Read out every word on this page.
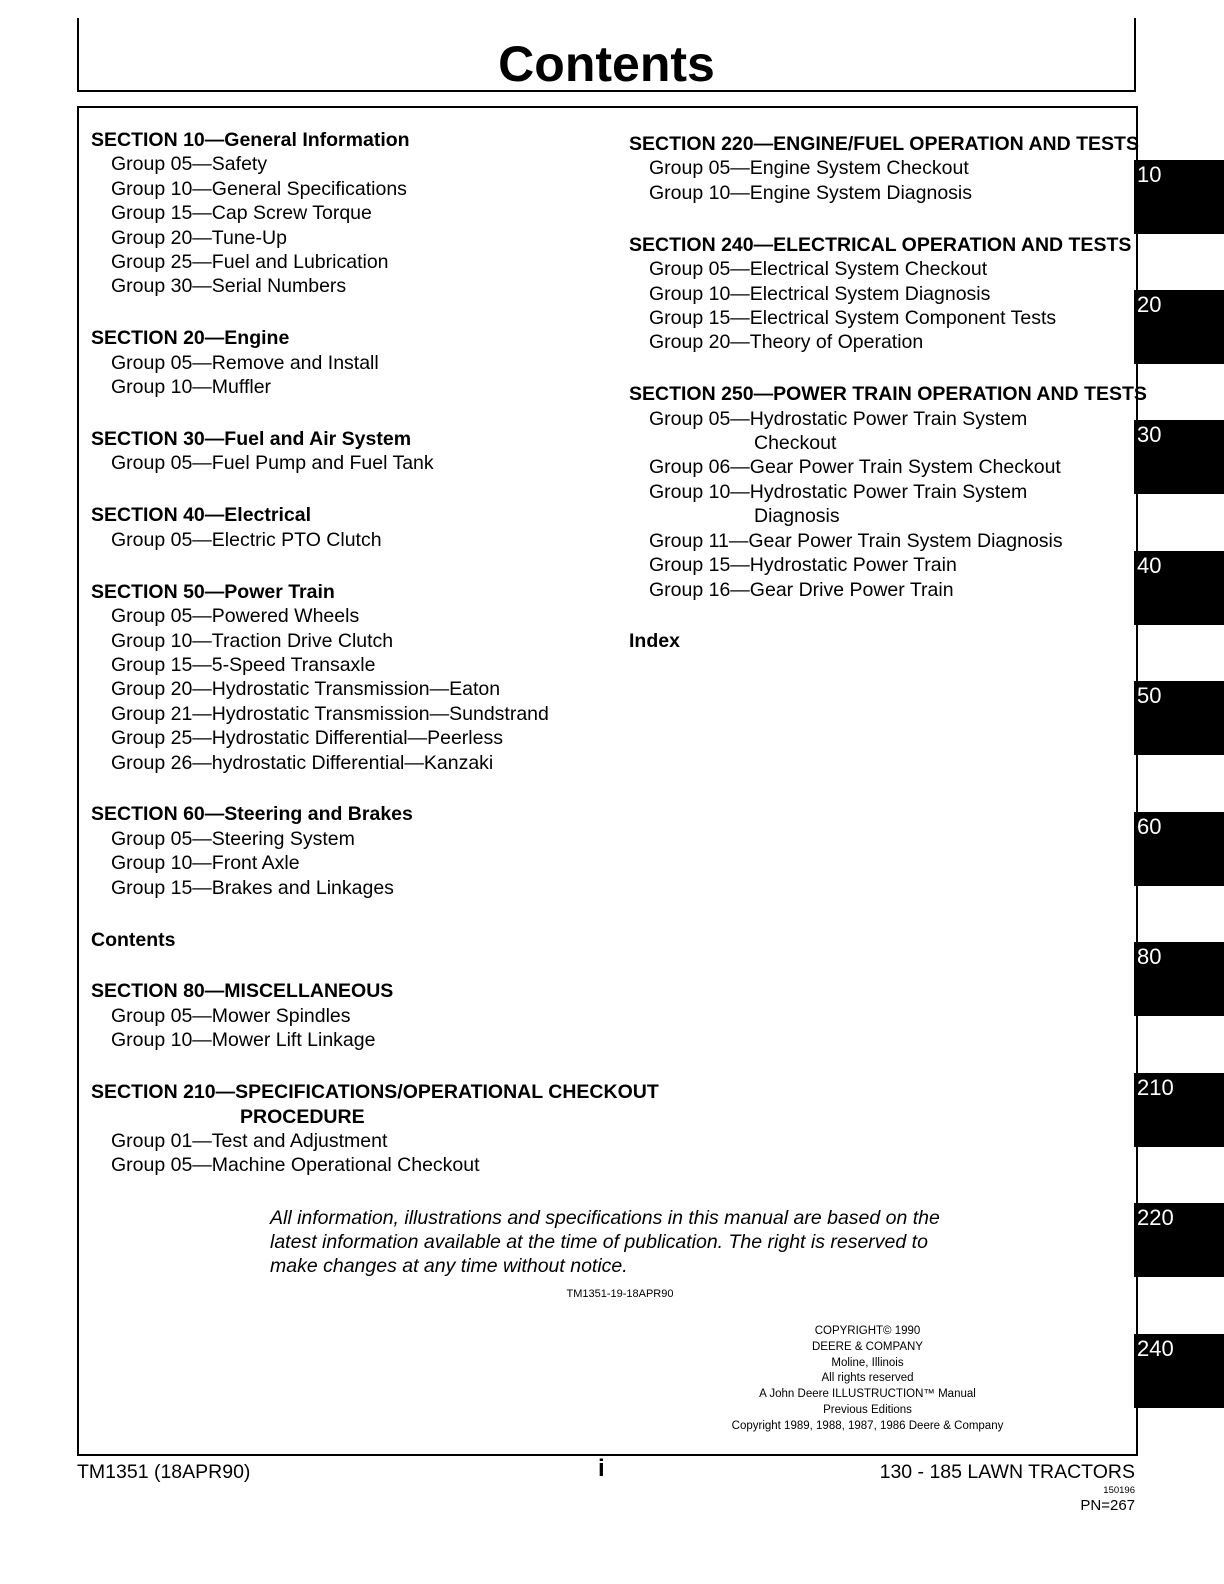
Contents
SECTION 10—General Information
Group 05—Safety
Group 10—General Specifications
Group 15—Cap Screw Torque
Group 20—Tune-Up
Group 25—Fuel and Lubrication
Group 30—Serial Numbers
SECTION 20—Engine
Group 05—Remove and Install
Group 10—Muffler
SECTION 30—Fuel and Air System
Group 05—Fuel Pump and Fuel Tank
SECTION 40—Electrical
Group 05—Electric PTO Clutch
SECTION 50—Power Train
Group 05—Powered Wheels
Group 10—Traction Drive Clutch
Group 15—5-Speed Transaxle
Group 20—Hydrostatic Transmission—Eaton
Group 21—Hydrostatic Transmission—Sundstrand
Group 25—Hydrostatic Differential—Peerless
Group 26—hydrostatic Differential—Kanzaki
SECTION 60—Steering and Brakes
Group 05—Steering System
Group 10—Front Axle
Group 15—Brakes and Linkages
Contents
SECTION 80—MISCELLANEOUS
Group 05—Mower Spindles
Group 10—Mower Lift Linkage
SECTION 210—SPECIFICATIONS/OPERATIONAL CHECKOUT PROCEDURE
Group 01—Test and Adjustment
Group 05—Machine Operational Checkout
SECTION 220—ENGINE/FUEL OPERATION AND TESTS
Group 05—Engine System Checkout
Group 10—Engine System Diagnosis
SECTION 240—ELECTRICAL OPERATION AND TESTS
Group 05—Electrical System Checkout
Group 10—Electrical System Diagnosis
Group 15—Electrical System Component Tests
Group 20—Theory of Operation
SECTION 250—POWER TRAIN OPERATION AND TESTS
Group 05—Hydrostatic Power Train System Checkout
Group 06—Gear Power Train System Checkout
Group 10—Hydrostatic Power Train System Diagnosis
Group 11—Gear Power Train System Diagnosis
Group 15—Hydrostatic Power Train
Group 16—Gear Drive Power Train
Index
All information, illustrations and specifications in this manual are based on the latest information available at the time of publication. The right is reserved to make changes at any time without notice.
TM1351-19-18APR90
COPYRIGHT© 1990
DEERE & COMPANY
Moline, Illinois
All rights reserved
A John Deere ILLUSTRUCTION™ Manual
Previous Editions
Copyright 1989, 1988, 1987, 1986 Deere & Company
TM1351 (18APR90)	i	130 - 185 LAWN TRACTORS
150196
PN=267
10
20
30
40
50
60
80
210
220
240
